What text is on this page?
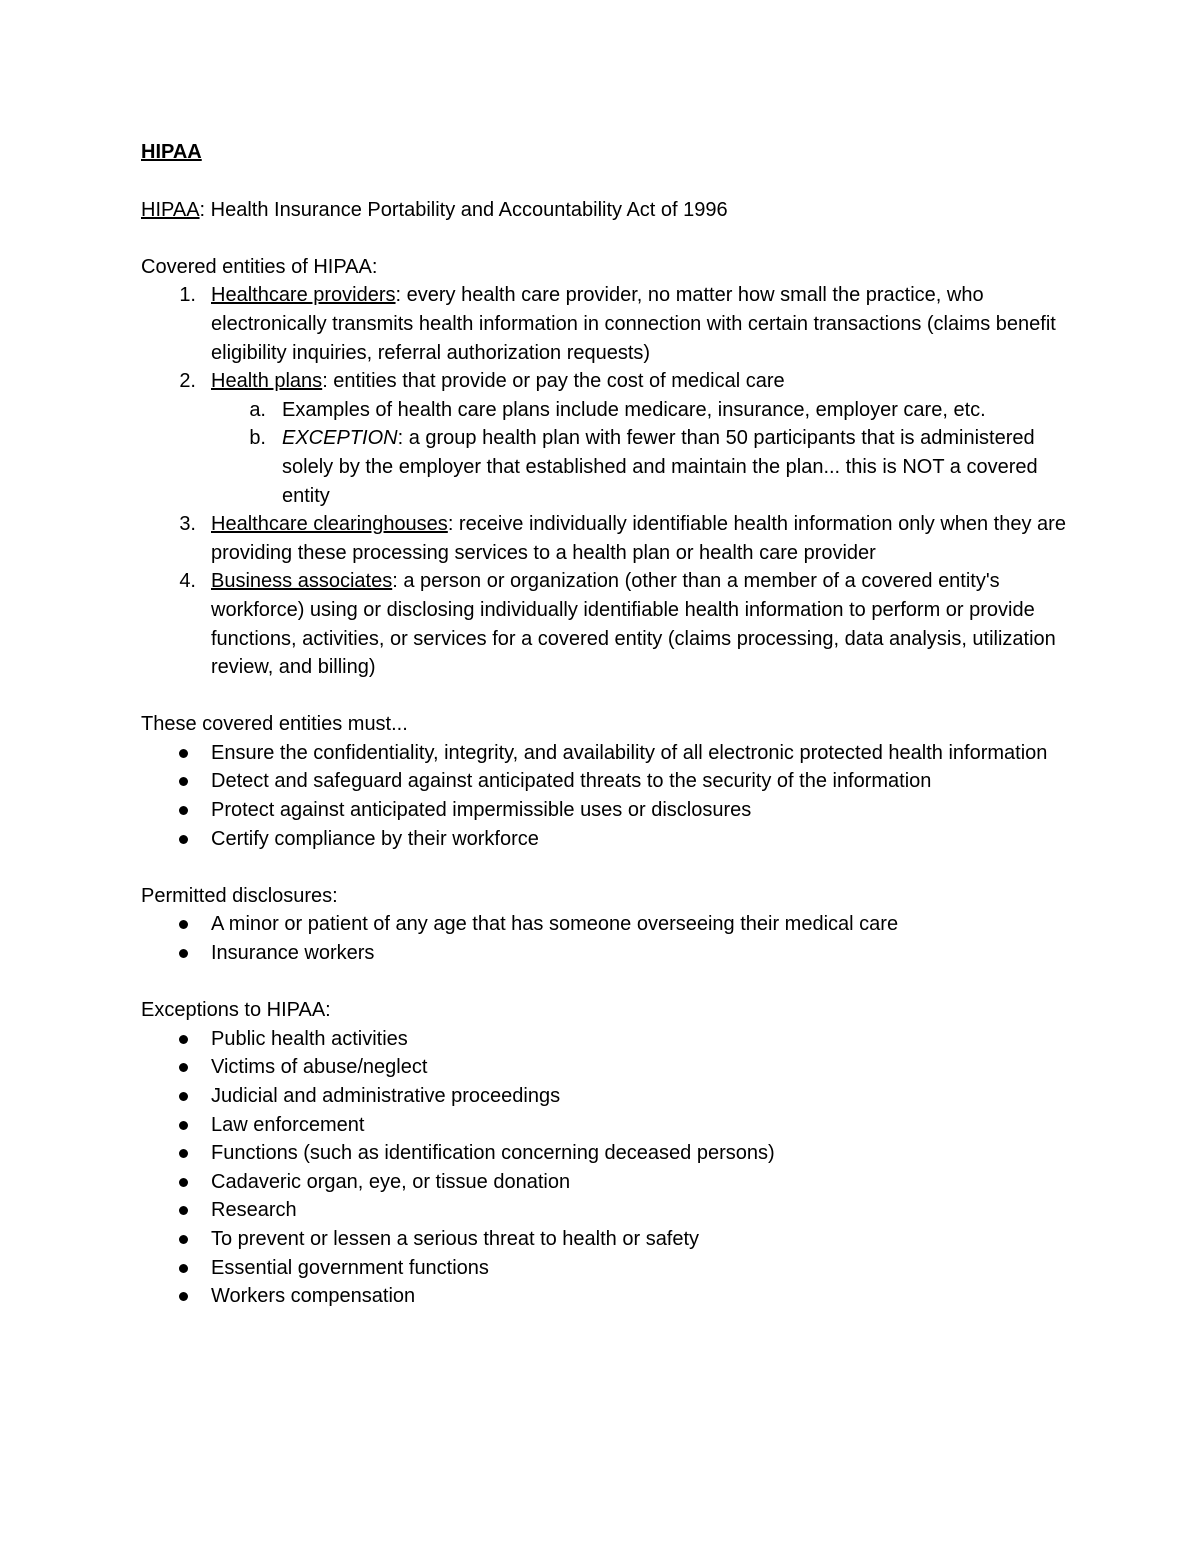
HIPAA

HIPAA: Health Insurance Portability and Accountability Act of 1996

Covered entities of HIPAA:

1. Healthcare providers: every health care provider, no matter how small the practice, who electronically transmits health information in connection with certain transactions (claims benefit eligibility inquiries, referral authorization requests)
2. Health plans: entities that provide or pay the cost of medical care
a. Examples of health care plans include medicare, insurance, employer care, etc.
b. EXCEPTION: a group health plan with fewer than 50 participants that is administered solely by the employer that established and maintain the plan... this is NOT a covered entity
3. Healthcare clearinghouses: receive individually identifiable health information only when they are providing these processing services to a health plan or health care provider
4. Business associates: a person or organization (other than a member of a covered entity's workforce) using or disclosing individually identifiable health information to perform or provide functions, activities, or services for a covered entity (claims processing, data analysis, utilization review, and billing)

These covered entities must...

Ensure the confidentiality, integrity, and availability of all electronic protected health information
Detect and safeguard against anticipated threats to the security of the information
Protect against anticipated impermissible uses or disclosures
Certify compliance by their workforce

Permitted disclosures:

A minor or patient of any age that has someone overseeing their medical care
Insurance workers

Exceptions to HIPAA:

Public health activities
Victims of abuse/neglect
Judicial and administrative proceedings
Law enforcement
Functions (such as identification concerning deceased persons)
Cadaveric organ, eye, or tissue donation
Research
To prevent or lessen a serious threat to health or safety
Essential government functions
Workers compensation
